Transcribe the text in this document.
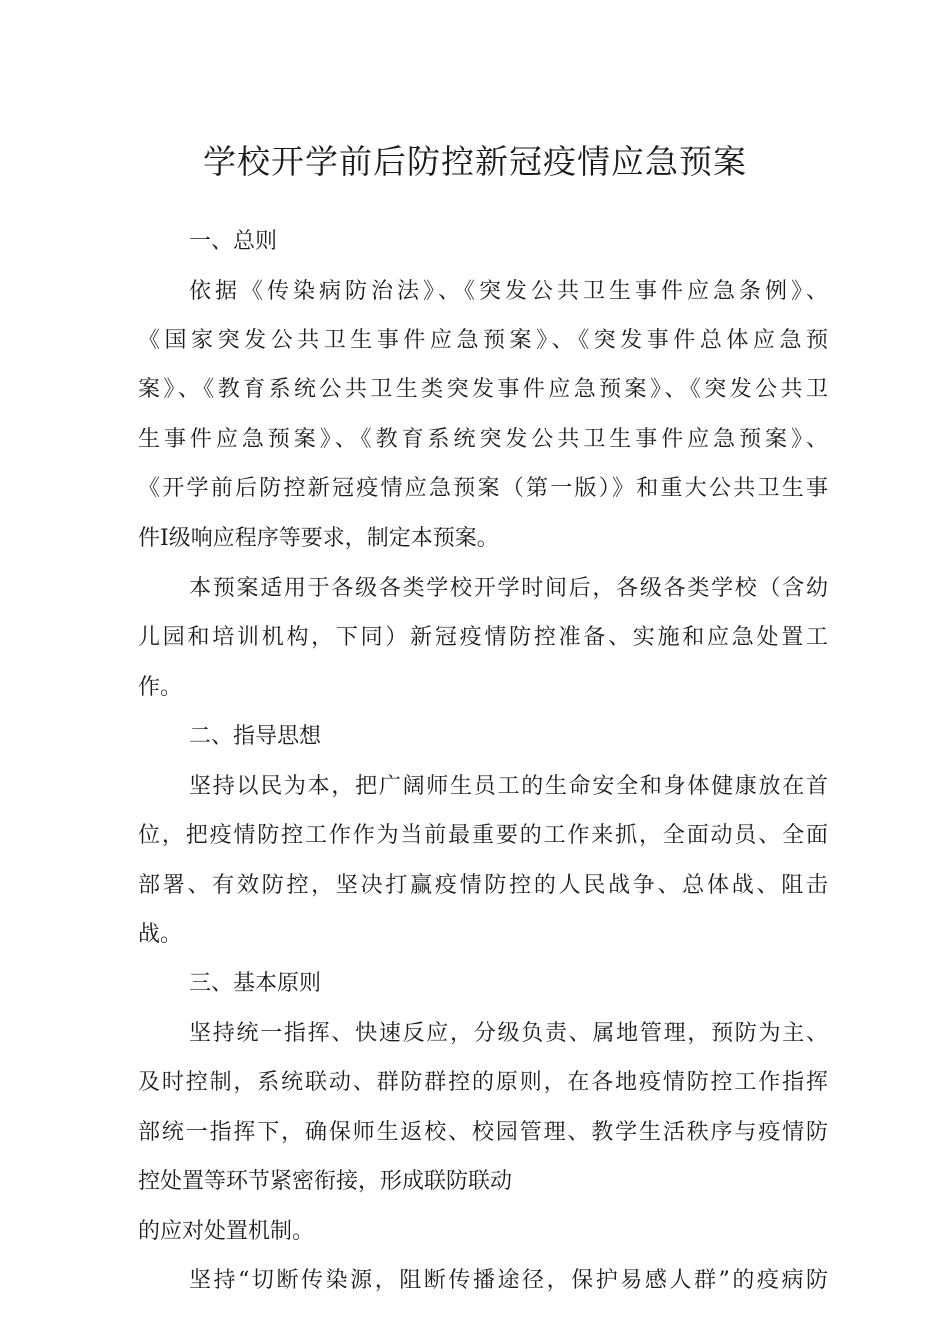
学校开学前后防控新冠疫情应急预案
一、总则
依据《传染病防治法》、《突发公共卫生事件应急条例》、
《国家突发公共卫生事件应急预案》、《突发事件总体应急预
案》、《教育系统公共卫生类突发事件应急预案》、《突发公共卫
生事件应急预案》、《教育系统突发公共卫生事件应急预案》、
《开学前后防控新冠疫情应急预案（第一版）》和重大公共卫生事
件Ⅰ级响应程序等要求，制定本预案。
本预案适用于各级各类学校开学时间后，各级各类学校（含幼
儿园和培训机构，下同）新冠疫情防控准备、实施和应急处置工
作。
二、指导思想
坚持以民为本，把广阔师生员工的生命安全和身体健康放在首
位，把疫情防控工作作为当前最重要的工作来抓，全面动员、全面
部署、有效防控，坚决打赢疫情防控的人民战争、总体战、阻击
战。
三、基本原则
坚持统一指挥、快速反应，分级负责、属地管理，预防为主、
及时控制，系统联动、群防群控的原则，在各地疫情防控工作指挥
部统一指挥下，确保师生返校、校园管理、教学生活秩序与疫情防
控处置等环节紧密衔接，形成联防联动
的应对处置机制。
坚持“切断传染源，阻断传播途径，保护易感人群”的疫病防
